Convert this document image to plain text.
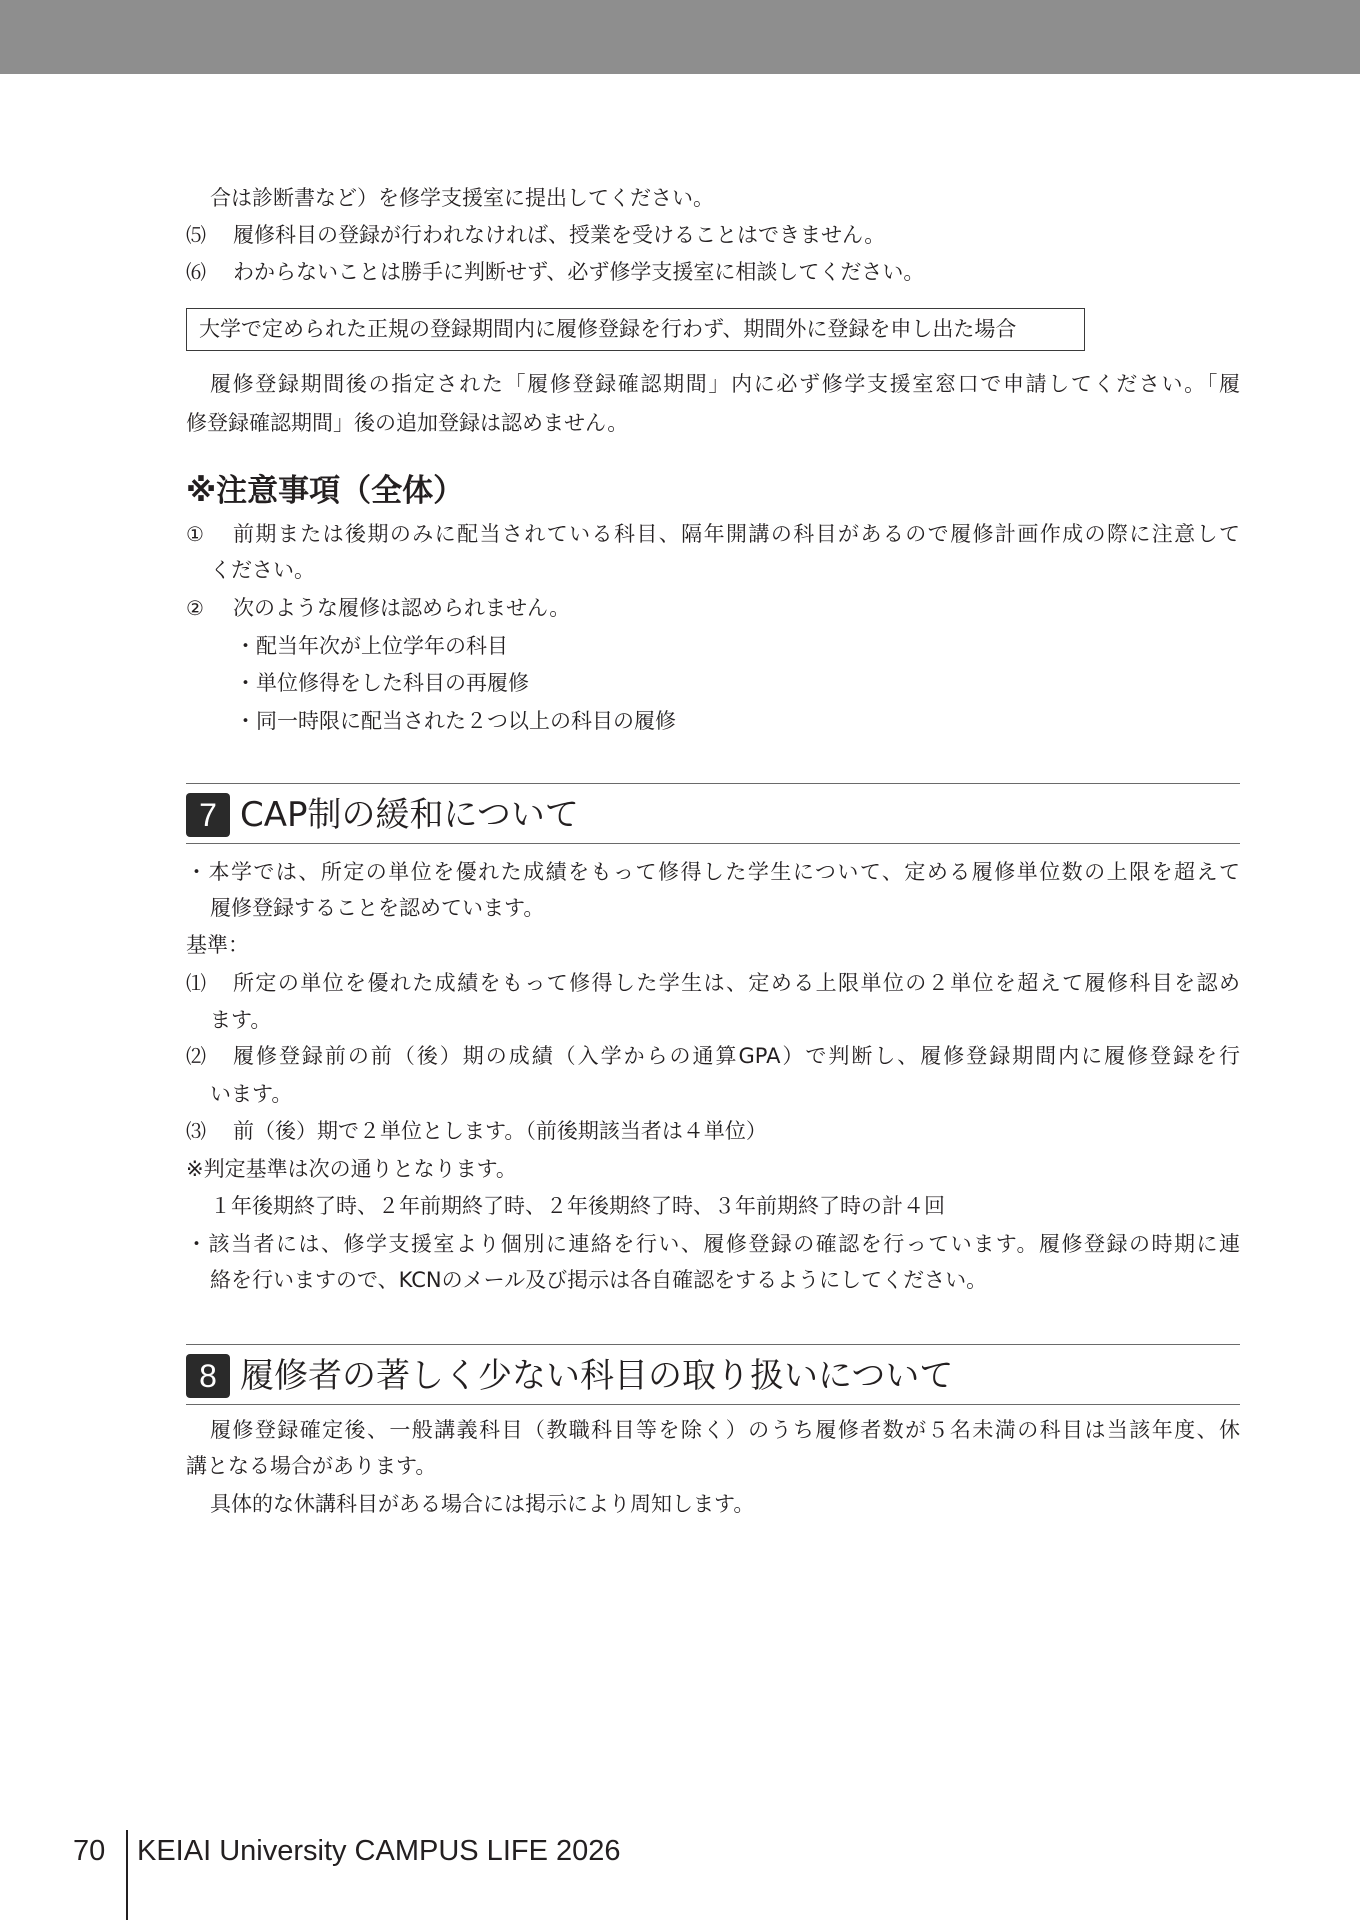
合は診断書など）を修学支援室に提出してください。
⑸	履修科目の登録が行われなければ、授業を受けることはできません。
⑹	わからないことは勝手に判断せず、必ず修学支援室に相談してください。
大学で定められた正規の登録期間内に履修登録を行わず、期間外に登録を申し出た場合
履修登録期間後の指定された「履修登録確認期間」内に必ず修学支援室窓口で申請してください。「履
修登録確認期間」後の追加登録は認めません。
※注意事項（全体）
①	前期または後期のみに配当されている科目、隔年開講の科目があるので履修計画作成の際に注意して
ください。
②	次のような履修は認められません。
・配当年次が上位学年の科目
・単位修得をした科目の再履修
・同一時限に配当された２つ以上の科目の履修
7 CAP制の緩和について
・本学では、所定の単位を優れた成績をもって修得した学生について、定める履修単位数の上限を超えて
履修登録することを認めています。
基準：
⑴	所定の単位を優れた成績をもって修得した学生は、定める上限単位の２単位を超えて履修科目を認め
ます。
⑵	履修登録前の前（後）期の成績（入学からの通算GPA）で判断し、履修登録期間内に履修登録を行
います。
⑶	前（後）期で２単位とします。（前後期該当者は４単位）
※判定基準は次の通りとなります。
１年後期終了時、２年前期終了時、２年後期終了時、３年前期終了時の計４回
・該当者には、修学支援室より個別に連絡を行い、履修登録の確認を行っています。履修登録の時期に連
絡を行いますので、KCNのメール及び掲示は各自確認をするようにしてください。
8 履修者の著しく少ない科目の取り扱いについて
履修登録確定後、一般講義科目（教職科目等を除く）のうち履修者数が５名未満の科目は当該年度、休
講となる場合があります。
具体的な休講科目がある場合には掲示により周知します。
70 KEIAI University CAMPUS LIFE 2026
